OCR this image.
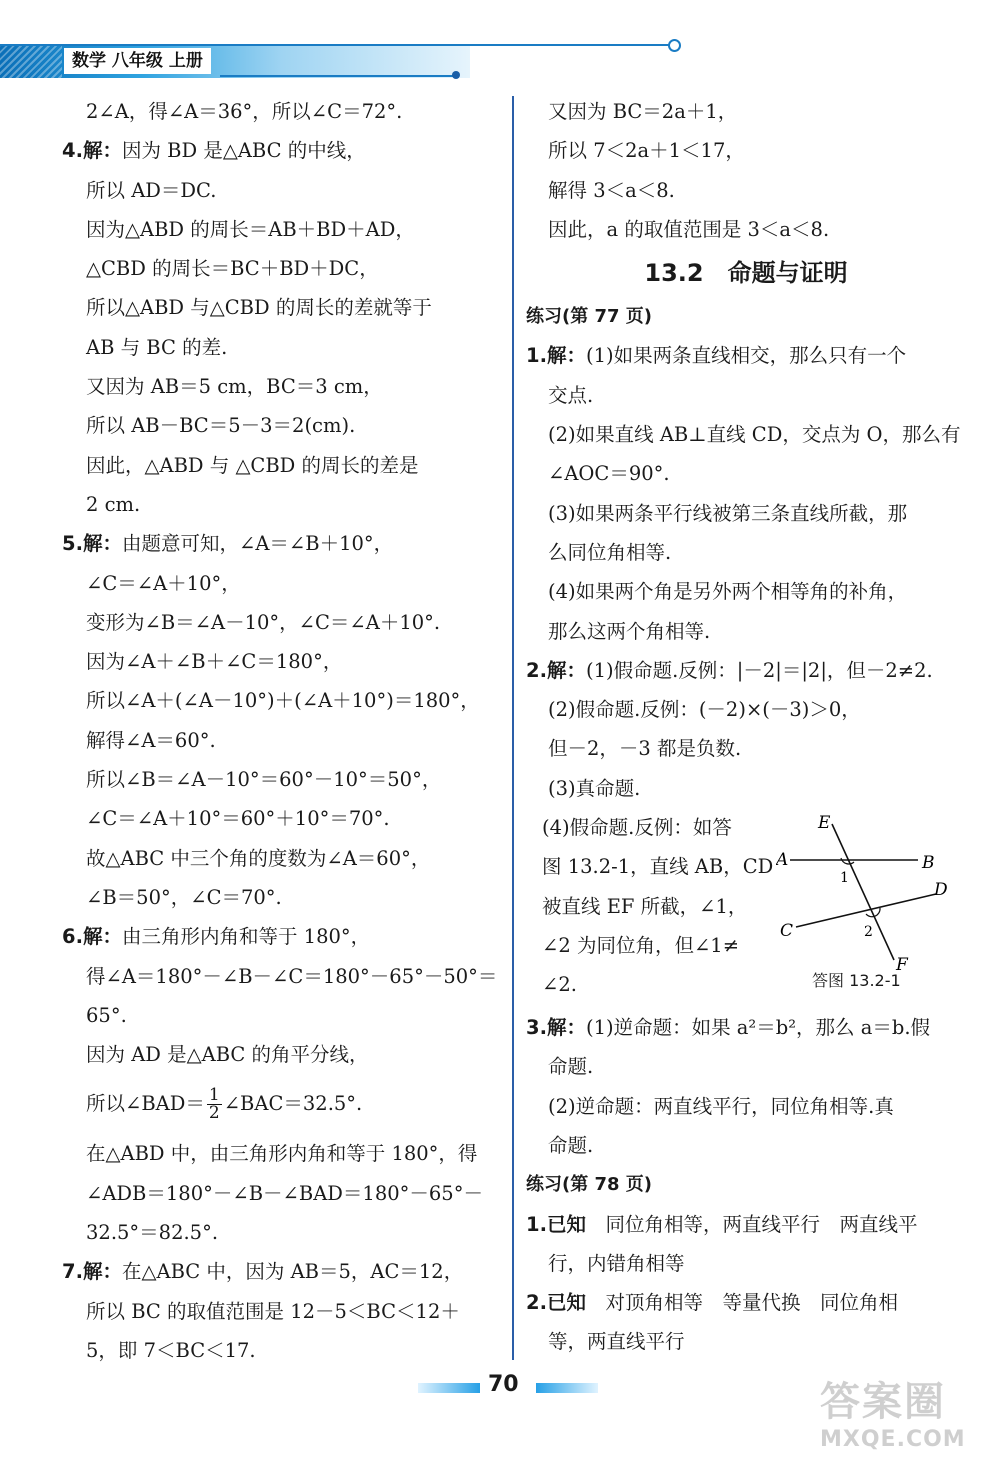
数学 八年级 上册
2∠A，得∠A＝36°，所以∠C＝72°.
4.解：因为 BD 是△ABC 的中线，
所以 AD＝DC.
因为△ABD 的周长＝AB＋BD＋AD，
△CBD 的周长＝BC＋BD＋DC，
所以△ABD 与△CBD 的周长的差就等于
AB 与 BC 的差.
又因为 AB＝5 cm，BC＝3 cm，
所以 AB－BC＝5－3＝2(cm).
因此，△ABD 与 △CBD 的周长的差是
2 cm.
5.解：由题意可知，∠A＝∠B＋10°，
∠C＝∠A＋10°，
变形为∠B＝∠A－10°，∠C＝∠A＋10°.
因为∠A＋∠B＋∠C＝180°，
所以∠A＋(∠A－10°)＋(∠A＋10°)＝180°，
解得∠A＝60°.
所以∠B＝∠A－10°＝60°－10°＝50°，
∠C＝∠A＋10°＝60°＋10°＝70°.
故△ABC 中三个角的度数为∠A＝60°，
∠B＝50°，∠C＝70°.
6.解：由三角形内角和等于 180°，
得∠A＝180°－∠B－∠C＝180°－65°－50°＝
65°.
因为 AD 是△ABC 的角平分线，
所以∠BAD＝ $\frac{1}{2}$ ∠BAC＝32.5°.
在△ABD 中，由三角形内角和等于 180°，得
∠ADB＝180°－∠B－∠BAD＝180°－65°－
32.5°＝82.5°.
7.解：在△ABC 中，因为 AB＝5，AC＝12，
所以 BC 的取值范围是 12－5＜BC＜12＋
5，即 7＜BC＜17.
又因为 BC＝2a＋1，
所以 7＜2a＋1＜17，
解得 3＜a＜8.
因此，a 的取值范围是 3＜a＜8.
13.2　命题与证明
练习(第 77 页)
1.解：(1)如果两条直线相交，那么只有一个
交点.
(2)如果直线 AB⊥直线 CD，交点为 O，那么有
∠AOC＝90°.
(3)如果两条平行线被第三条直线所截，那
么同位角相等.
(4)如果两个角是另外两个相等角的补角，
那么这两个角相等.
2.解：(1)假命题.反例：|－2|＝|2|，但－2≠2.
(2)假命题.反例：(－2)×(－3)＞0，
但－2，－3 都是负数.
(3)真命题.
(4)假命题.反例：如答
图 13.2-1，直线 AB，CD
被直线 EF 所截，∠1，
∠2 为同位角，但∠1≠
∠2.
E
A	B
D
C
F
1
2
答图 13.2-1
3.解：(1)逆命题：如果 a²＝b²，那么 a＝b.假
命题.
(2)逆命题：两直线平行，同位角相等.真
命题.
练习(第 78 页)
1.已知　同位角相等，两直线平行　两直线平
行，内错角相等
2.已知　对顶角相等　等量代换　同位角相
等，两直线平行
70	答案圈
MXQE.COM
